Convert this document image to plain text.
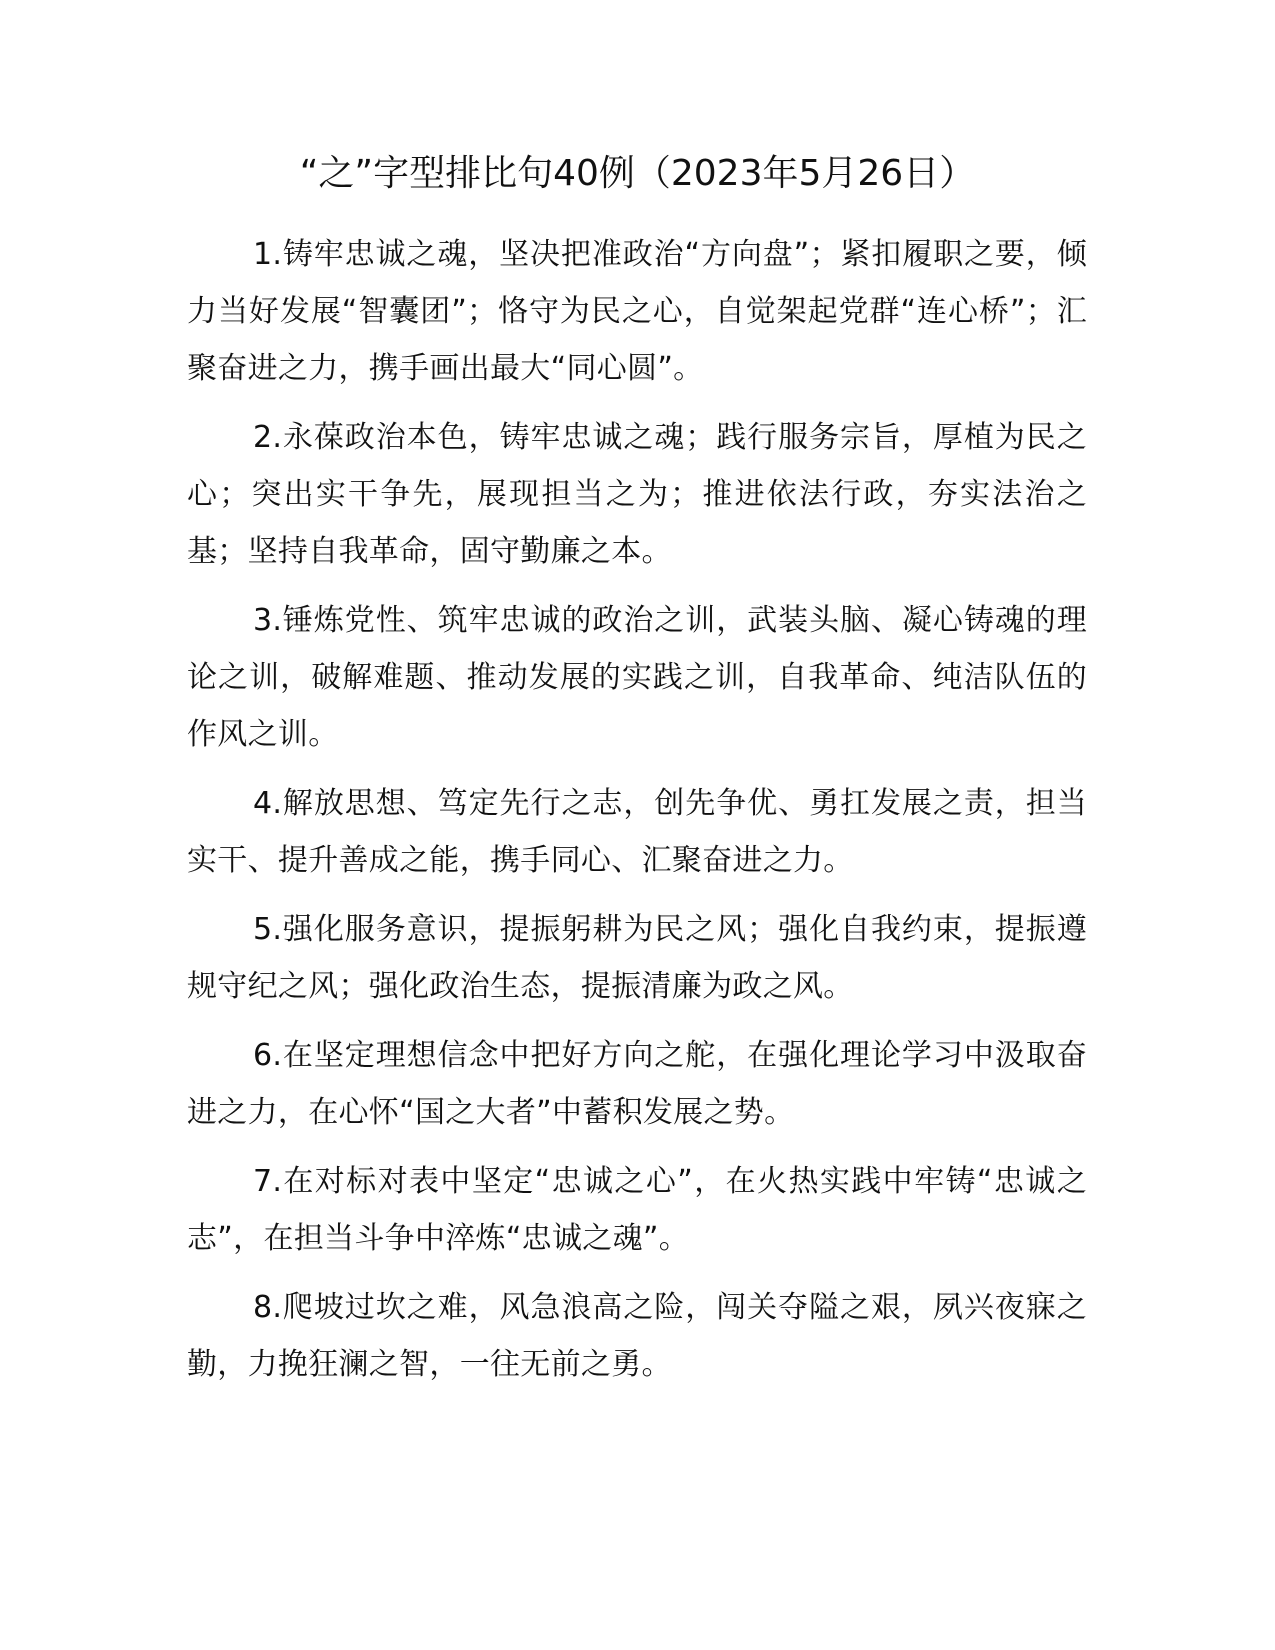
“之”字型排比句40例（2023年5月26日）

1.铸牢忠诚之魂，坚决把准政治“方向盘”；紧扣履职之要，倾力当好发展“智囊团”；恪守为民之心，自觉架起党群“连心桥”；汇聚奋进之力，携手画出最大“同心圆”。

2.永葆政治本色，铸牢忠诚之魂；践行服务宗旨，厚植为民之心；突出实干争先，展现担当之为；推进依法行政，夯实法治之基；坚持自我革命，固守勤廉之本。

3.锤炼党性、筑牢忠诚的政治之训，武装头脑、凝心铸魂的理论之训，破解难题、推动发展的实践之训，自我革命、纯洁队伍的作风之训。

4.解放思想、笃定先行之志，创先争优、勇扛发展之责，担当实干、提升善成之能，携手同心、汇聚奋进之力。

5.强化服务意识，提振躬耕为民之风；强化自我约束，提振遵规守纪之风；强化政治生态，提振清廉为政之风。

6.在坚定理想信念中把好方向之舵，在强化理论学习中汲取奋进之力，在心怀“国之大者”中蓄积发展之势。

7.在对标对表中坚定“忠诚之心”，在火热实践中牢铸“忠诚之志”，在担当斗争中淬炼“忠诚之魂”。

8.爬坡过坎之难，风急浪高之险，闯关夺隘之艰，夙兴夜寐之勤，力挽狂澜之智，一往无前之勇。
